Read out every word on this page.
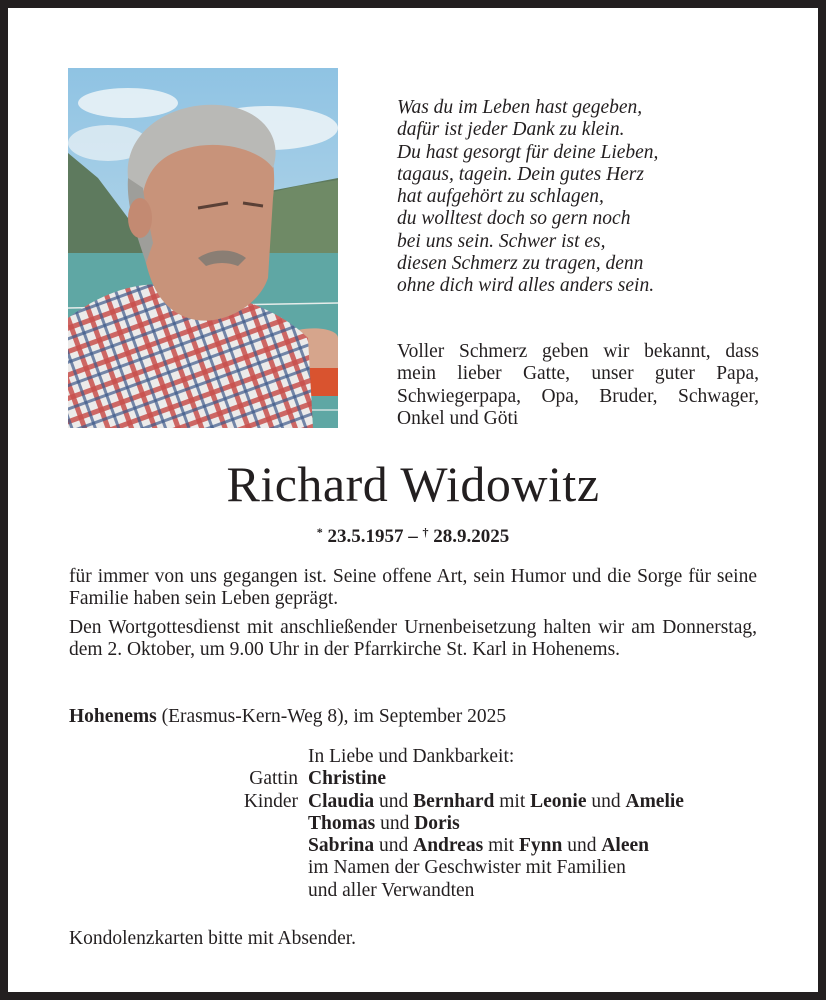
Was du im Leben hast gegeben,
dafür ist jeder Dank zu klein.
Du hast gesorgt für deine Lieben,
tagaus, tagein. Dein gutes Herz
hat aufgehört zu schlagen,
du wolltest doch so gern noch
bei uns sein. Schwer ist es,
diesen Schmerz zu tragen, denn
ohne dich wird alles anders sein.
Voller Schmerz geben wir bekannt, dass
mein lieber Gatte, unser guter Papa,
Schwiegerpapa, Opa, Bruder, Schwager,
Onkel und Göti
Richard Widowitz
* 23.5.1957 – † 28.9.2025

für immer von uns gegangen ist. Seine offene Art, sein Humor und die Sorge für seine Familie haben sein Leben geprägt.

Den Wortgottesdienst mit anschließender Urnenbeisetzung halten wir am Donnerstag, dem 2. Oktober, um 9.00 Uhr in der Pfarrkirche St. Karl in Hohenems.

Hohenems (Erasmus-Kern-Weg 8), im September 2025
In Liebe und Dankbarkeit:
Gattin Christine
Kinder Claudia und Bernhard mit Leonie und Amelie
Thomas und Doris
Sabrina und Andreas mit Fynn und Aleen
im Namen der Geschwister mit Familien
und aller Verwandten
Kondolenzkarten bitte mit Absender.
